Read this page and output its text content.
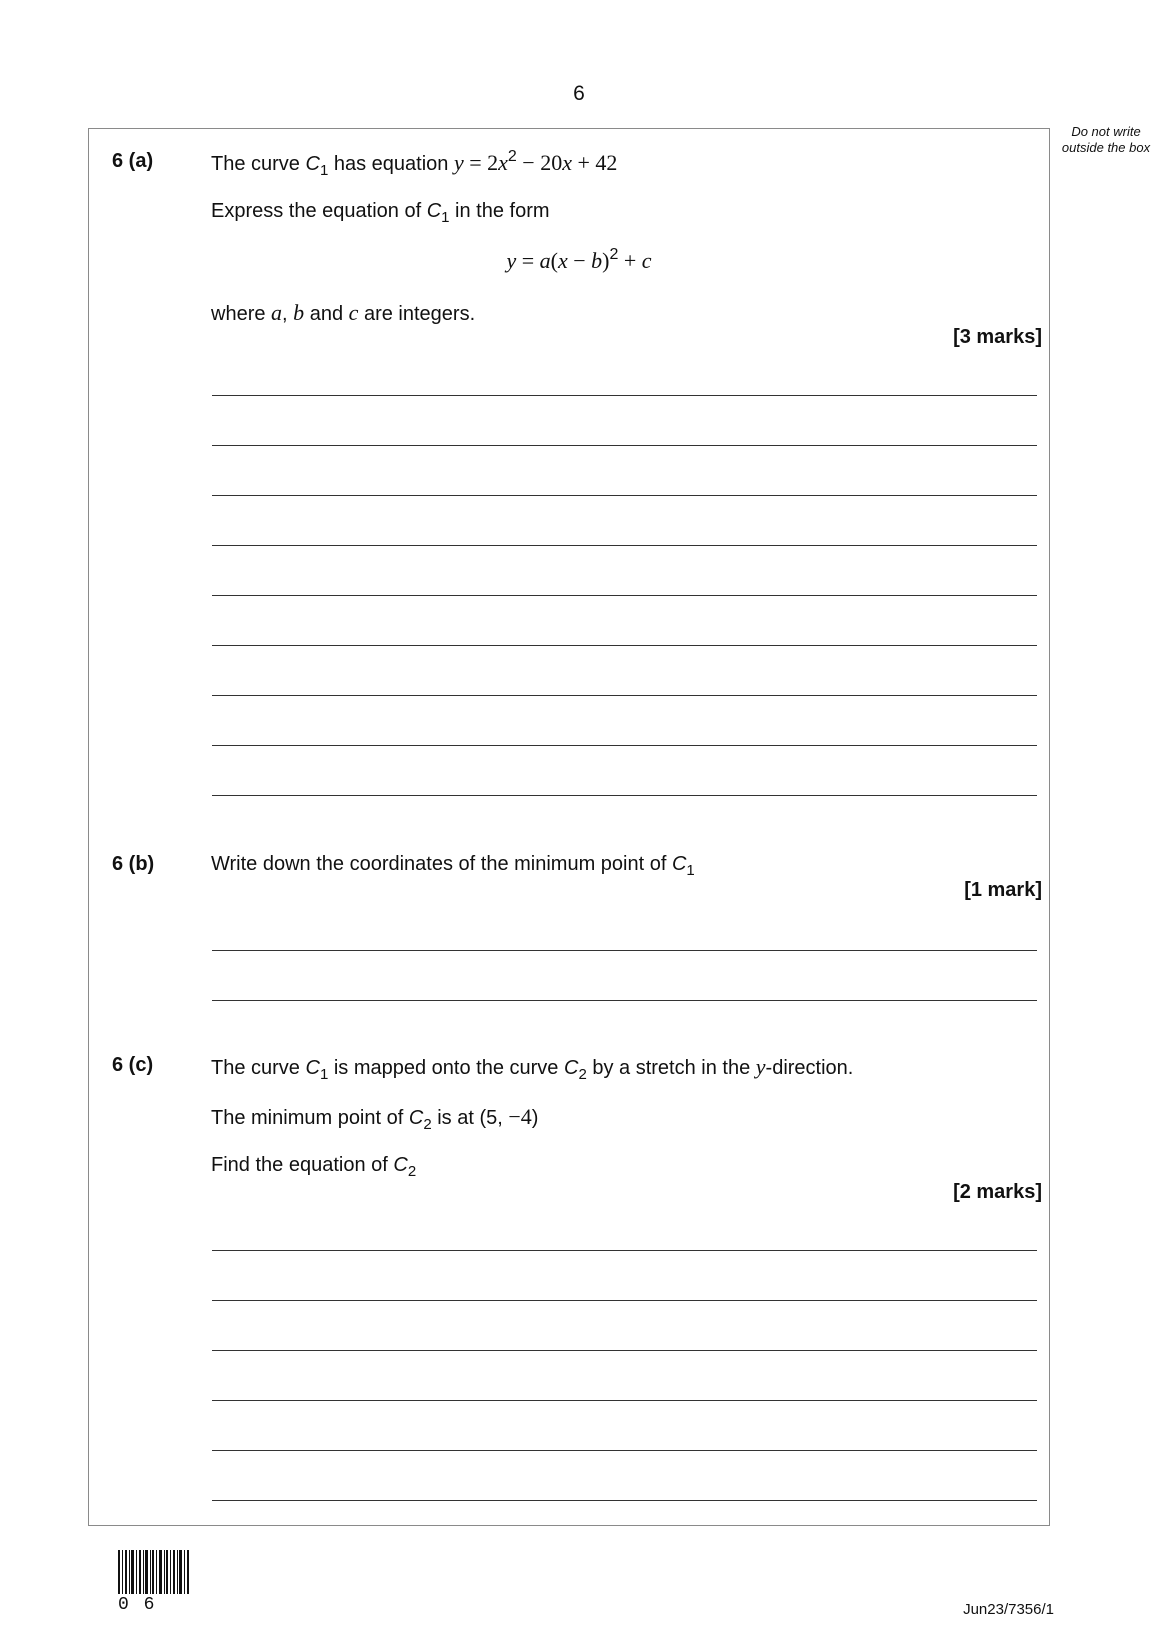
6
Do not write outside the box
6 (a)	The curve $C_1$ has equation $y = 2x^2 - 20x + 42$
Express the equation of $C_1$ in the form
$y = a(x - b)^2 + c$
where a, b and c are integers.
[3 marks]
6 (b)	Write down the coordinates of the minimum point of $C_1$
[1 mark]
6 (c)	The curve $C_1$ is mapped onto the curve $C_2$ by a stretch in the y-direction.
The minimum point of $C_2$ is at (5, −4)
Find the equation of $C_2$
[2 marks]
0 6	Jun23/7356/1
